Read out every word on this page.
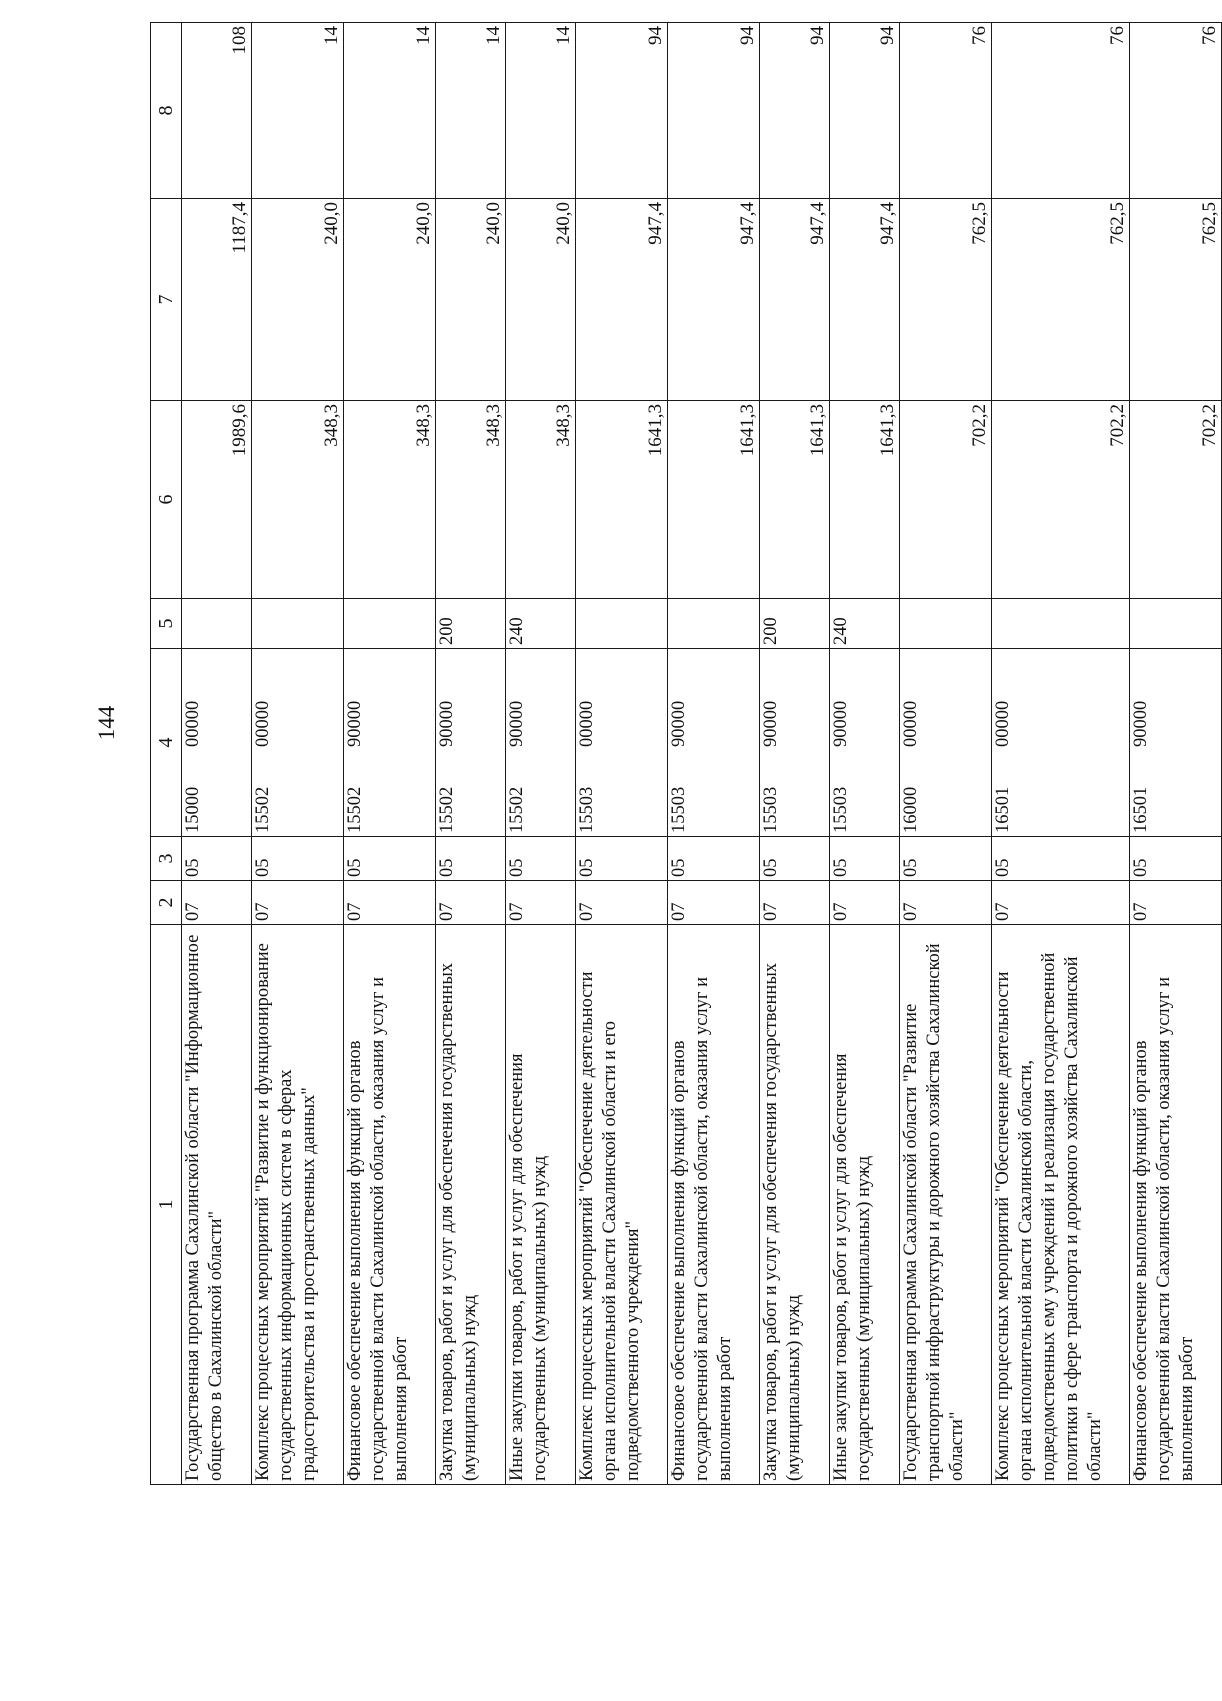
144
1	2	3	4	5	6	7	8
Государственная программа Сахалинской области "Информационное общество в Сахалинской области"	07	05	1500000000		1989,6	1187,4	108
Комплекс процессных мероприятий "Развитие и функционирование государственных информационных систем в сферах градостроительства и пространственных данных"	07	05	1550200000		348,3	240,0	14
Финансовое обеспечение выполнения функций органов государственной власти Сахалинской области, оказания услуг и выполнения работ	07	05	1550290000		348,3	240,0	14
Закупка товаров, работ и услуг для обеспечения государственных (муниципальных) нужд	07	05	1550290000	200	348,3	240,0	14
Иные закупки товаров, работ и услуг для обеспечения государственных (муниципальных) нужд	07	05	1550290000	240	348,3	240,0	14
Комплекс процессных мероприятий "Обеспечение деятельности органа исполнительной власти Сахалинской области и его подведомственного учреждения"	07	05	1550300000		1641,3	947,4	94
Финансовое обеспечение выполнения функций органов государственной власти Сахалинской области, оказания услуг и выполнения работ	07	05	1550390000		1641,3	947,4	94
Закупка товаров, работ и услуг для обеспечения государственных (муниципальных) нужд	07	05	1550390000	200	1641,3	947,4	94
Иные закупки товаров, работ и услуг для обеспечения государственных (муниципальных) нужд	07	05	1550390000	240	1641,3	947,4	94
Государственная программа Сахалинской области "Развитие транспортной инфраструктуры и дорожного хозяйства Сахалинской области"	07	05	1600000000		702,2	762,5	76
Комплекс процессных мероприятий "Обеспечение деятельности органа исполнительной власти Сахалинской области, подведомственных ему учреждений и реализация государственной политики в сфере транспорта и дорожного хозяйства Сахалинской области"	07	05	1650100000		702,2	762,5	76
Финансовое обеспечение выполнения функций органов государственной власти Сахалинской области, оказания услуг и выполнения работ	07	05	1650190000		702,2	762,5	76
